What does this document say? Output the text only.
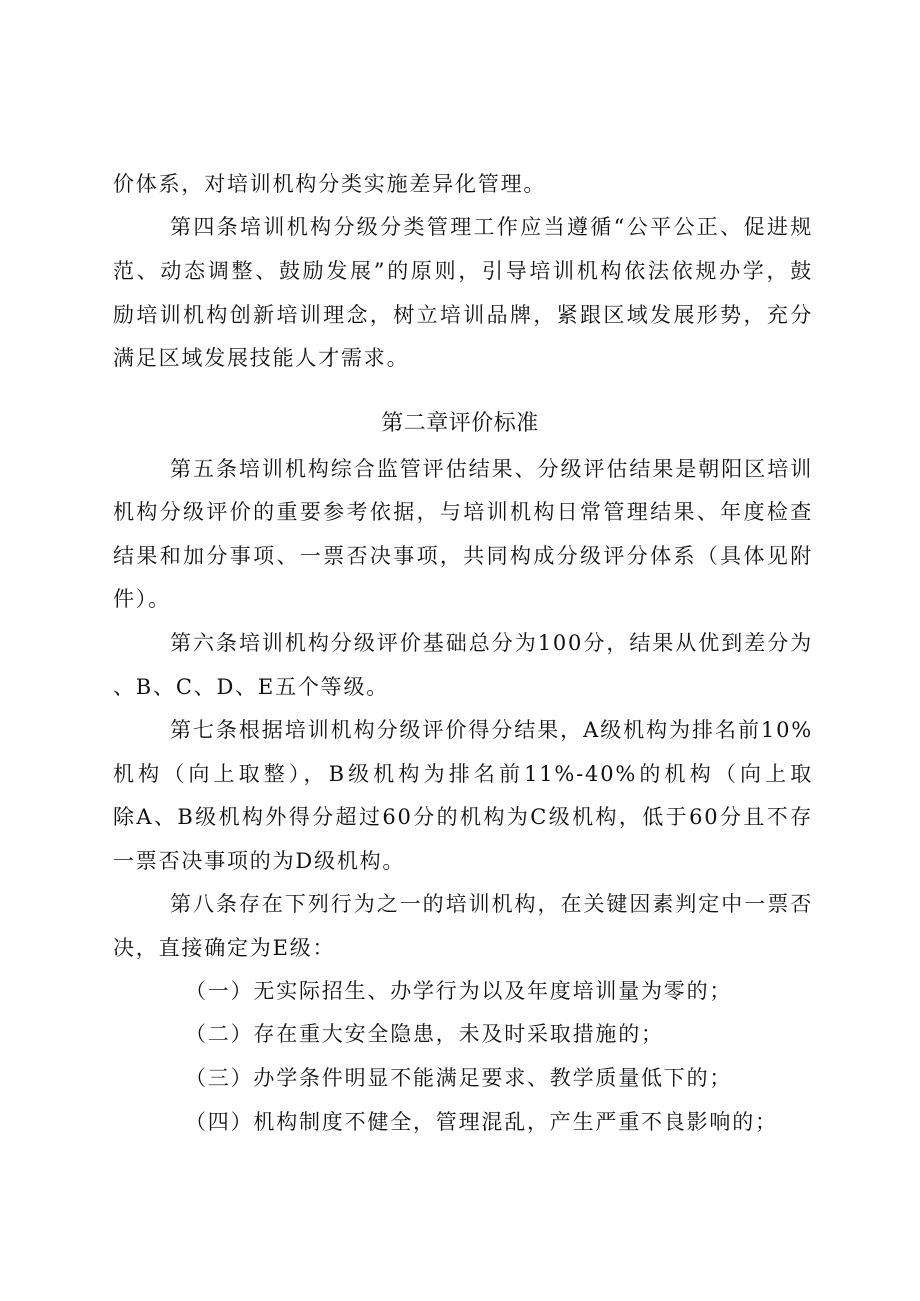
价体系，对培训机构分类实施差异化管理。
第四条培训机构分级分类管理工作应当遵循“公平公正、促进规
范、动态调整、鼓励发展”的原则，引导培训机构依法依规办学，鼓
励培训机构创新培训理念，树立培训品牌，紧跟区域发展形势，充分
满足区域发展技能人才需求。
第二章评价标准
第五条培训机构综合监管评估结果、分级评估结果是朝阳区培训
机构分级评价的重要参考依据，与培训机构日常管理结果、年度检查
结果和加分事项、一票否决事项，共同构成分级评分体系（具体见附
件）。
第六条培训机构分级评价基础总分为100分，结果从优到差分为
、B、C、D、E五个等级。
第七条根据培训机构分级评价得分结果，A级机构为排名前10%
机构（向上取整），B级机构为排名前11%-40%的机构（向上取
除A、B级机构外得分超过60分的机构为C级机构，低于60分且不存
一票否决事项的为D级机构。
第八条存在下列行为之一的培训机构，在关键因素判定中一票否
决，直接确定为E级：
（一）无实际招生、办学行为以及年度培训量为零的；
（二）存在重大安全隐患，未及时采取措施的；
（三）办学条件明显不能满足要求、教学质量低下的；
（四）机构制度不健全，管理混乱，产生严重不良影响的；
